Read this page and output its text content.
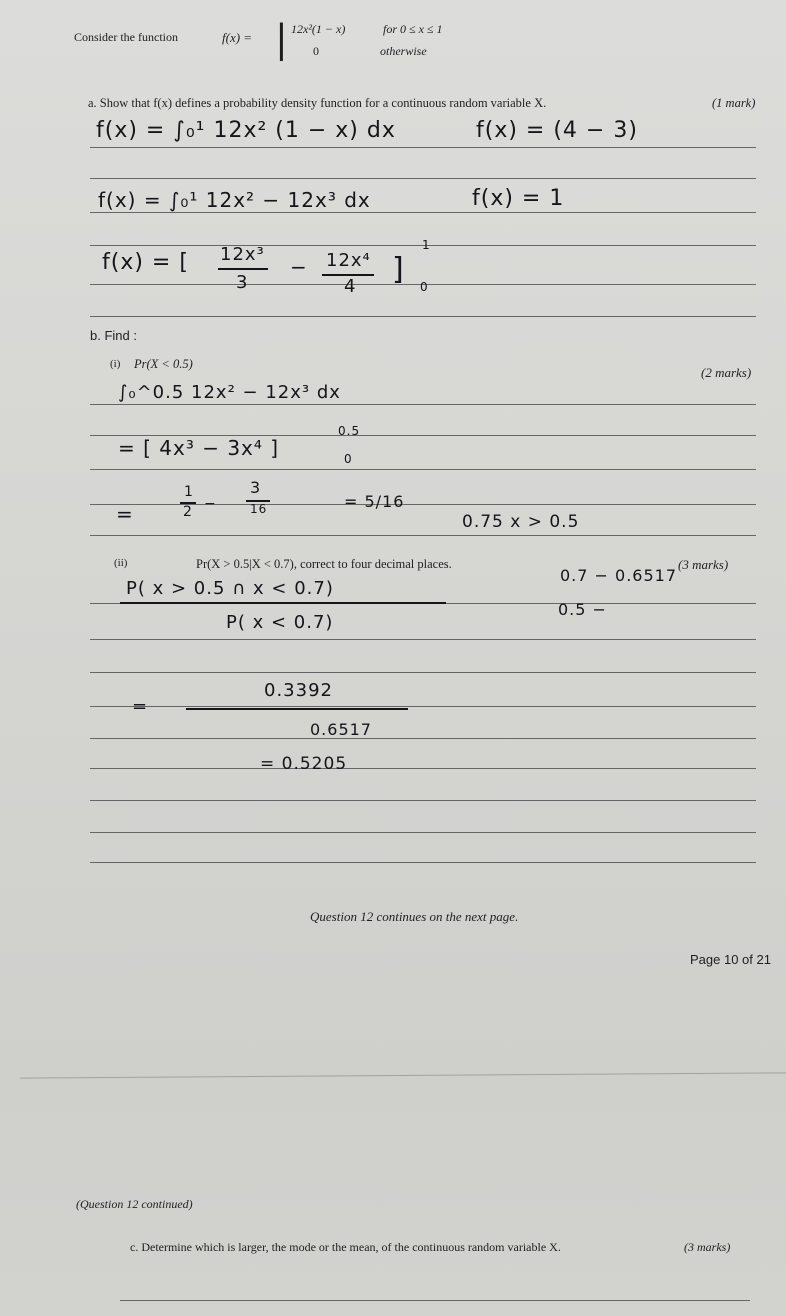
Consider the function	f(x) = | 12x²(1 − x)	for 0 ≤ x ≤ 1
0	otherwise
a. Show that f(x) defines a probability density function for a continuous random variable X.	(1 mark)
f(x) = ∫₀¹ 12x² (1 − x) dx	f(x) = (4 − 3)
f(x) = ∫₀¹ 12x² − 12x³ dx	f(x) = 1
f(x) = [ 12x³
3
− 12x⁴
4 ]
1
0
b. Find :
(i) Pr(X < 0.5)
(2 marks)
∫₀^0.5 12x² − 12x³ dx
= [ 4x³ − 3x⁴ ]
0.5
0
=
1
2 −
3
16	= 5/16
0.75 x > 0.5
(ii)	Pr(X > 0.5|X < 0.7), correct to four decimal places.	(3 marks)
P( x > 0.5 ∩ x < 0.7)
P( x < 0.7)
0.7 − 0.6517
0.5 −
=
0.3392
0.6517
= 0.5205
Question 12 continues on the next page.
Page 10 of 21
(Question 12 continued)
c. Determine which is larger, the mode or the mean, of the continuous random variable X.	(3 marks)
